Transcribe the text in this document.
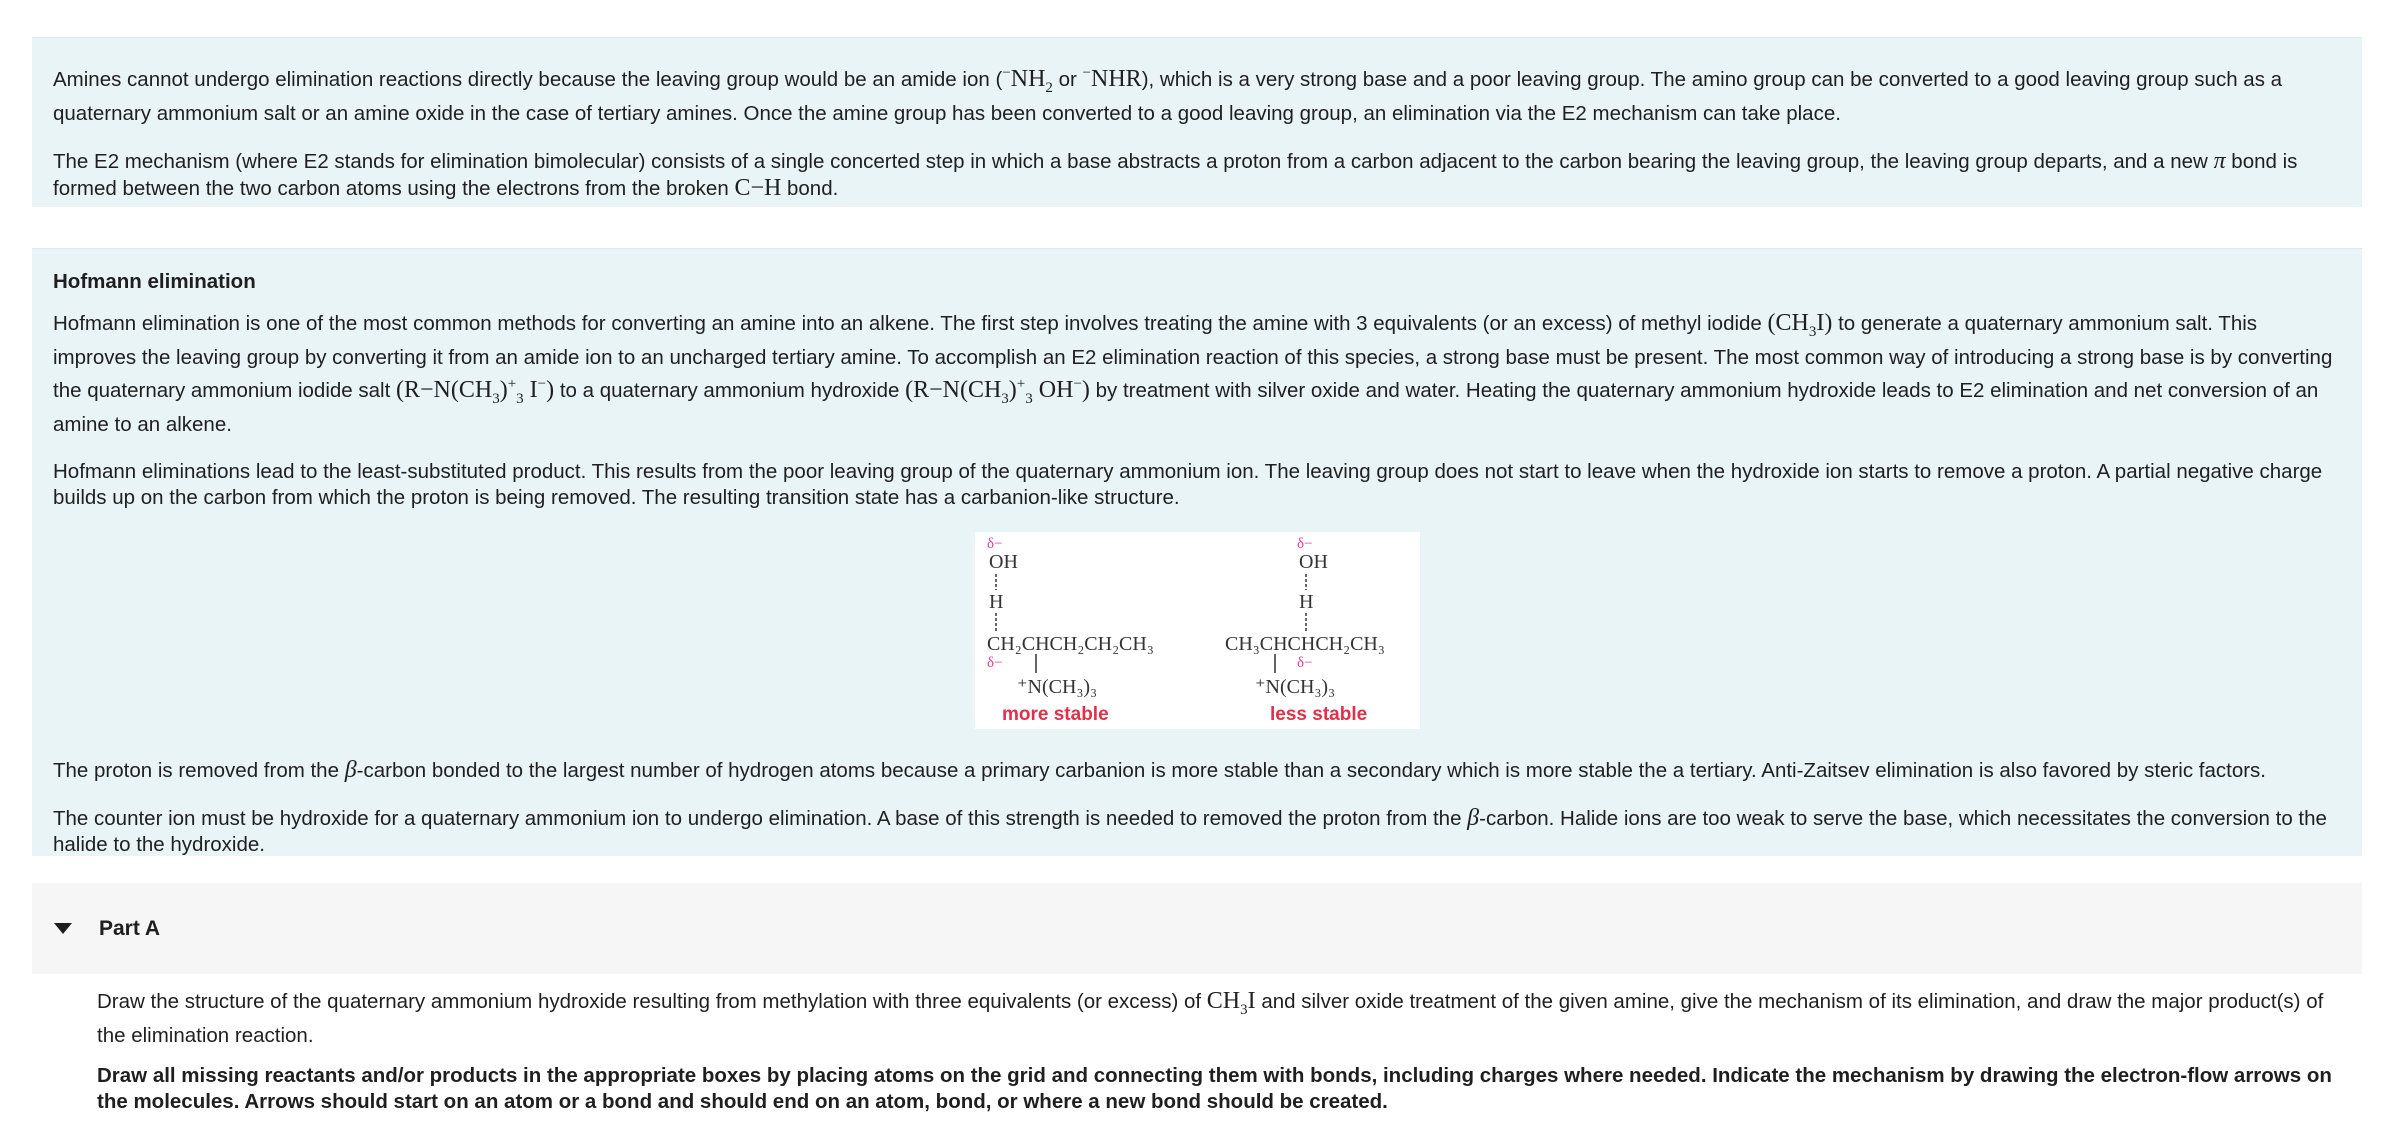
Amines cannot undergo elimination reactions directly because the leaving group would be an amide ion ($^-NH_2$ or −NHR), which is a very strong base and a poor leaving group. The amino group can be converted to a good leaving group such as a quaternary ammonium salt or an amine oxide in the case of tertiary amines. Once the amine group has been converted to a good leaving group, an elimination via the E2 mechanism can take place.

The E2 mechanism (where E2 stands for elimination bimolecular) consists of a single concerted step in which a base abstracts a proton from a carbon adjacent to the carbon bearing the leaving group, the leaving group departs, and a new π bond is formed between the two carbon atoms using the electrons from the broken C−H bond.

Hofmann elimination

Hofmann elimination is one of the most common methods for converting an amine into an alkene. The first step involves treating the amine with 3 equivalents (or an excess) of methyl iodide $(CH_3I)$ to generate a quaternary ammonium salt. This improves the leaving group by converting it from an amide ion to an uncharged tertiary amine. To accomplish an E2 elimination reaction of this species, a strong base must be present. The most common way of introducing a strong base is by converting the quaternary ammonium iodide salt ($R-N(CH_3)^+_3$ I−) to a quaternary ammonium hydroxide ($R-N(CH_3)^+_3$ OH−) by treatment with silver oxide and water. Heating the quaternary ammonium hydroxide leads to E2 elimination and net conversion of an amine to an alkene.

Hofmann eliminations lead to the least-substituted product. This results from the poor leaving group of the quaternary ammonium ion. The leaving group does not start to leave when the hydroxide ion starts to remove a proton. A partial negative charge builds up on the carbon from which the proton is being removed. The resulting transition state has a carbanion-like structure.

δ−
OH
H
CH₂CHCH₂CH₂CH₃
δ−
⁺N(CH₃)₃
more stable
δ−
OH
H
CH₃CHCHCH₂CH₃
δ−
⁺N(CH₃)₃
less stable

The proton is removed from the β-carbon bonded to the largest number of hydrogen atoms because a primary carbanion is more stable than a secondary which is more stable the a tertiary. Anti-Zaitsev elimination is also favored by steric factors.

The counter ion must be hydroxide for a quaternary ammonium ion to undergo elimination. A base of this strength is needed to removed the proton from the β-carbon. Halide ions are too weak to serve the base, which necessitates the conversion to the halide to the hydroxide.

Part A

Draw the structure of the quaternary ammonium hydroxide resulting from methylation with three equivalents (or excess) of $CH_3I$ and silver oxide treatment of the given amine, give the mechanism of its elimination, and draw the major product(s) of the elimination reaction.

Draw all missing reactants and/or products in the appropriate boxes by placing atoms on the grid and connecting them with bonds, including charges where needed. Indicate the mechanism by drawing the electron-flow arrows on the molecules. Arrows should start on an atom or a bond and should end on an atom, bond, or where a new bond should be created.
